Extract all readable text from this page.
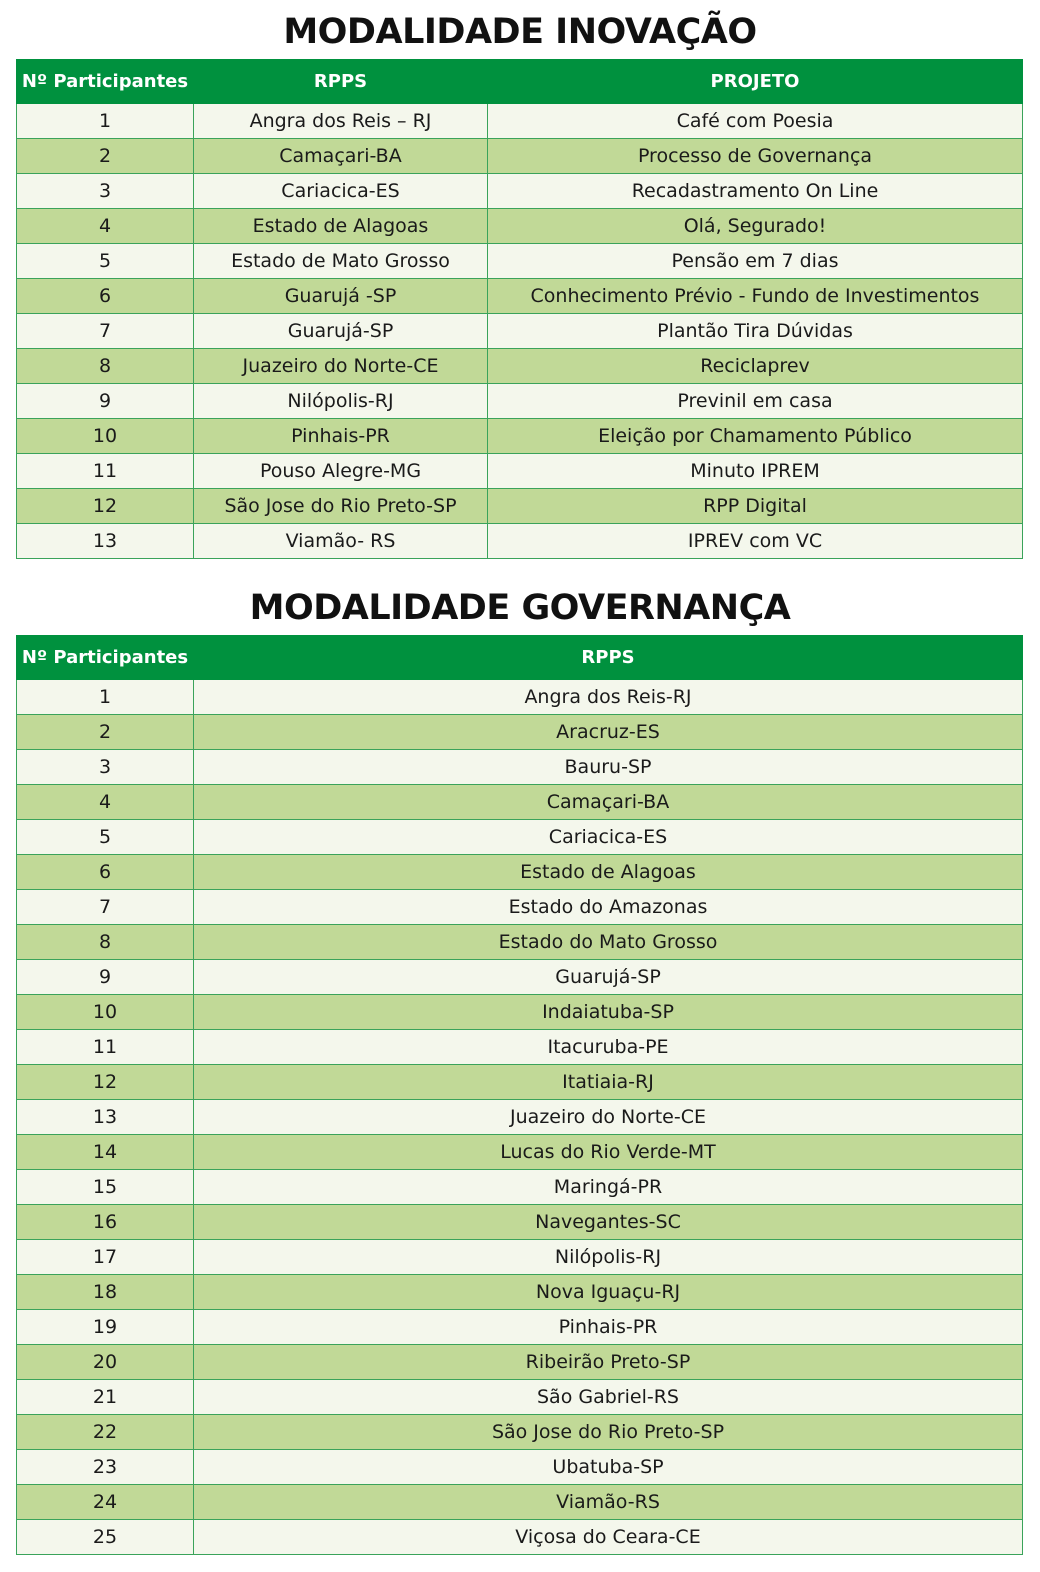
MODALIDADE INOVAÇÃO
Nº Participantes	RPPS	PROJETO
1	Angra dos Reis – RJ	Café com Poesia
2	Camaçari-BA	Processo de Governança
3	Cariacica-ES	Recadastramento On Line
4	Estado de Alagoas	Olá, Segurado!
5	Estado de Mato Grosso	Pensão em 7 dias
6	Guarujá -SP	Conhecimento Prévio - Fundo de Investimentos
7	Guarujá-SP	Plantão Tira Dúvidas
8	Juazeiro do Norte-CE	Reciclaprev
9	Nilópolis-RJ	Previnil em casa
10	Pinhais-PR	Eleição por Chamamento Público
11	Pouso Alegre-MG	Minuto IPREM
12	São Jose do Rio Preto-SP	RPP Digital
13	Viamão- RS	IPREV com VC
MODALIDADE GOVERNANÇA
Nº Participantes	RPPS
1	Angra dos Reis-RJ
2	Aracruz-ES
3	Bauru-SP
4	Camaçari-BA
5	Cariacica-ES
6	Estado de Alagoas
7	Estado do Amazonas
8	Estado do Mato Grosso
9	Guarujá-SP
10	Indaiatuba-SP
11	Itacuruba-PE
12	Itatiaia-RJ
13	Juazeiro do Norte-CE
14	Lucas do Rio Verde-MT
15	Maringá-PR
16	Navegantes-SC
17	Nilópolis-RJ
18	Nova Iguaçu-RJ
19	Pinhais-PR
20	Ribeirão Preto-SP
21	São Gabriel-RS
22	São Jose do Rio Preto-SP
23	Ubatuba-SP
24	Viamão-RS
25	Viçosa do Ceara-CE
